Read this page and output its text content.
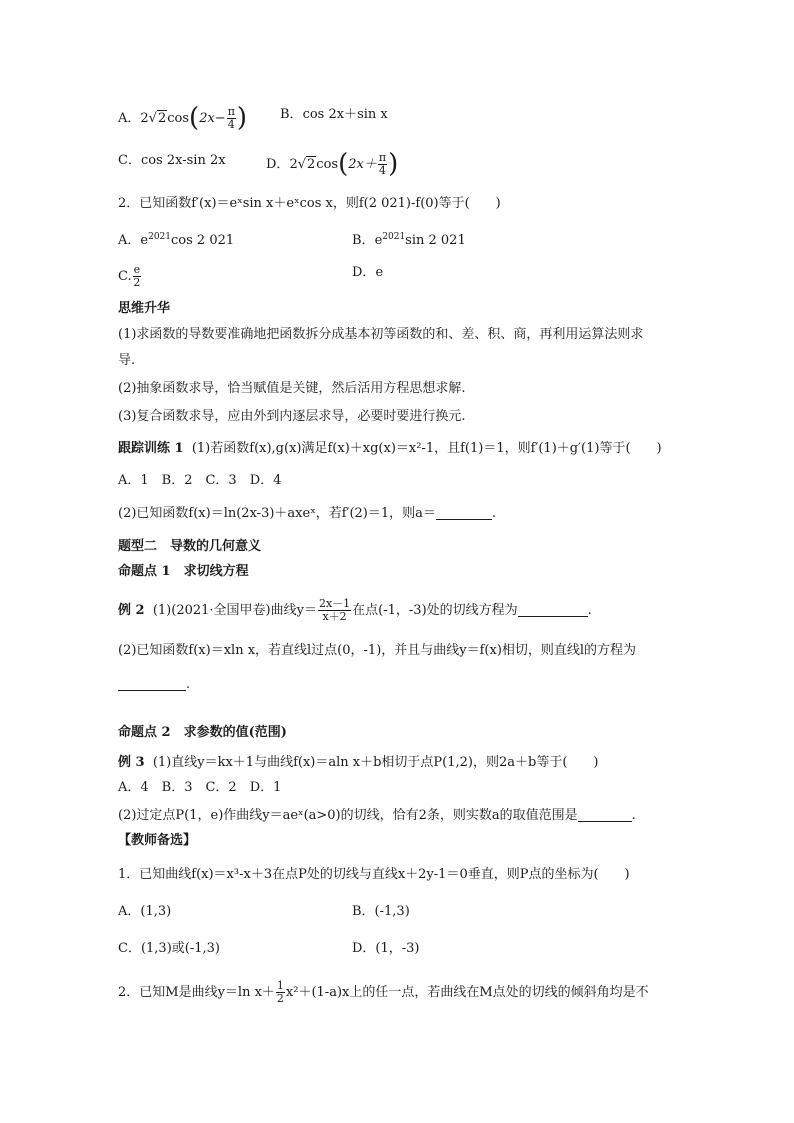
A．$2√2\cos(2x- \frac{\pi}{4}$ )	B．cos 2x＋sin x
C．cos 2x-sin 2x	D．$2√2\cos(2x+ \frac{\pi}{4}$ )
2．已知函数f′(x)＝eˣsin x＋eˣcos x，则f(2 021)-f(0)等于(　　)
A．$e^{2021}\cos$ 2 021	B．$e^{2021}\sin$ 2 021
C. $\frac{e}{2}$	D．e
思维升华
(1)求函数的导数要准确地把函数拆分成基本初等函数的和、差、积、商，再利用运算法则求
导.
(2)抽象函数求导，恰当赋值是关键，然后活用方程思想求解.
(3)复合函数求导，应由外到内逐层求导，必要时要进行换元.
跟踪训练 1 (1)若函数f(x),g(x)满足f(x)＋xg(x)＝x²-1，且f(1)＝1，则f′(1)＋g′(1)等于(　　)
A．1　B．2　C．3　D．4
(2)已知函数f(x)＝ln(2x-3)＋axeˣ，若f′(2)＝1，则a＝	.
题型二　导数的几何意义
命题点 1　求切线方程
例 2 (1)(2021·全国甲卷)曲线$y= \frac{2x-1}{x+2}$ 在点(-1，-3)处的切线方程为	.
(2)已知函数f(x)＝xln x，若直线l过点(0，-1)，并且与曲线y＝f(x)相切，则直线l的方程为
.
命题点 2　求参数的值(范围)
例 3 (1)直线y＝kx＋1与曲线f(x)＝aln x＋b相切于点P(1,2)，则2a＋b等于(　　)
A．4　B．3　C．2　D．1
(2)过定点P(1，e)作曲线y＝aeˣ(a>0)的切线，恰有2条，则实数a的取值范围是	.
【教师备选】
1．已知曲线f(x)＝x³-x＋3在点P处的切线与直线x＋2y-1＝0垂直，则P点的坐标为(　　)
A．(1,3)	B．(-1,3)
C．(1,3)或(-1,3)	D．(1，-3)
2．已知M是曲线y＝ln $x+ \frac{1}{2} x^2+(1-a)x$上的任一点，若曲线在M点处的切线的倾斜角均是不
